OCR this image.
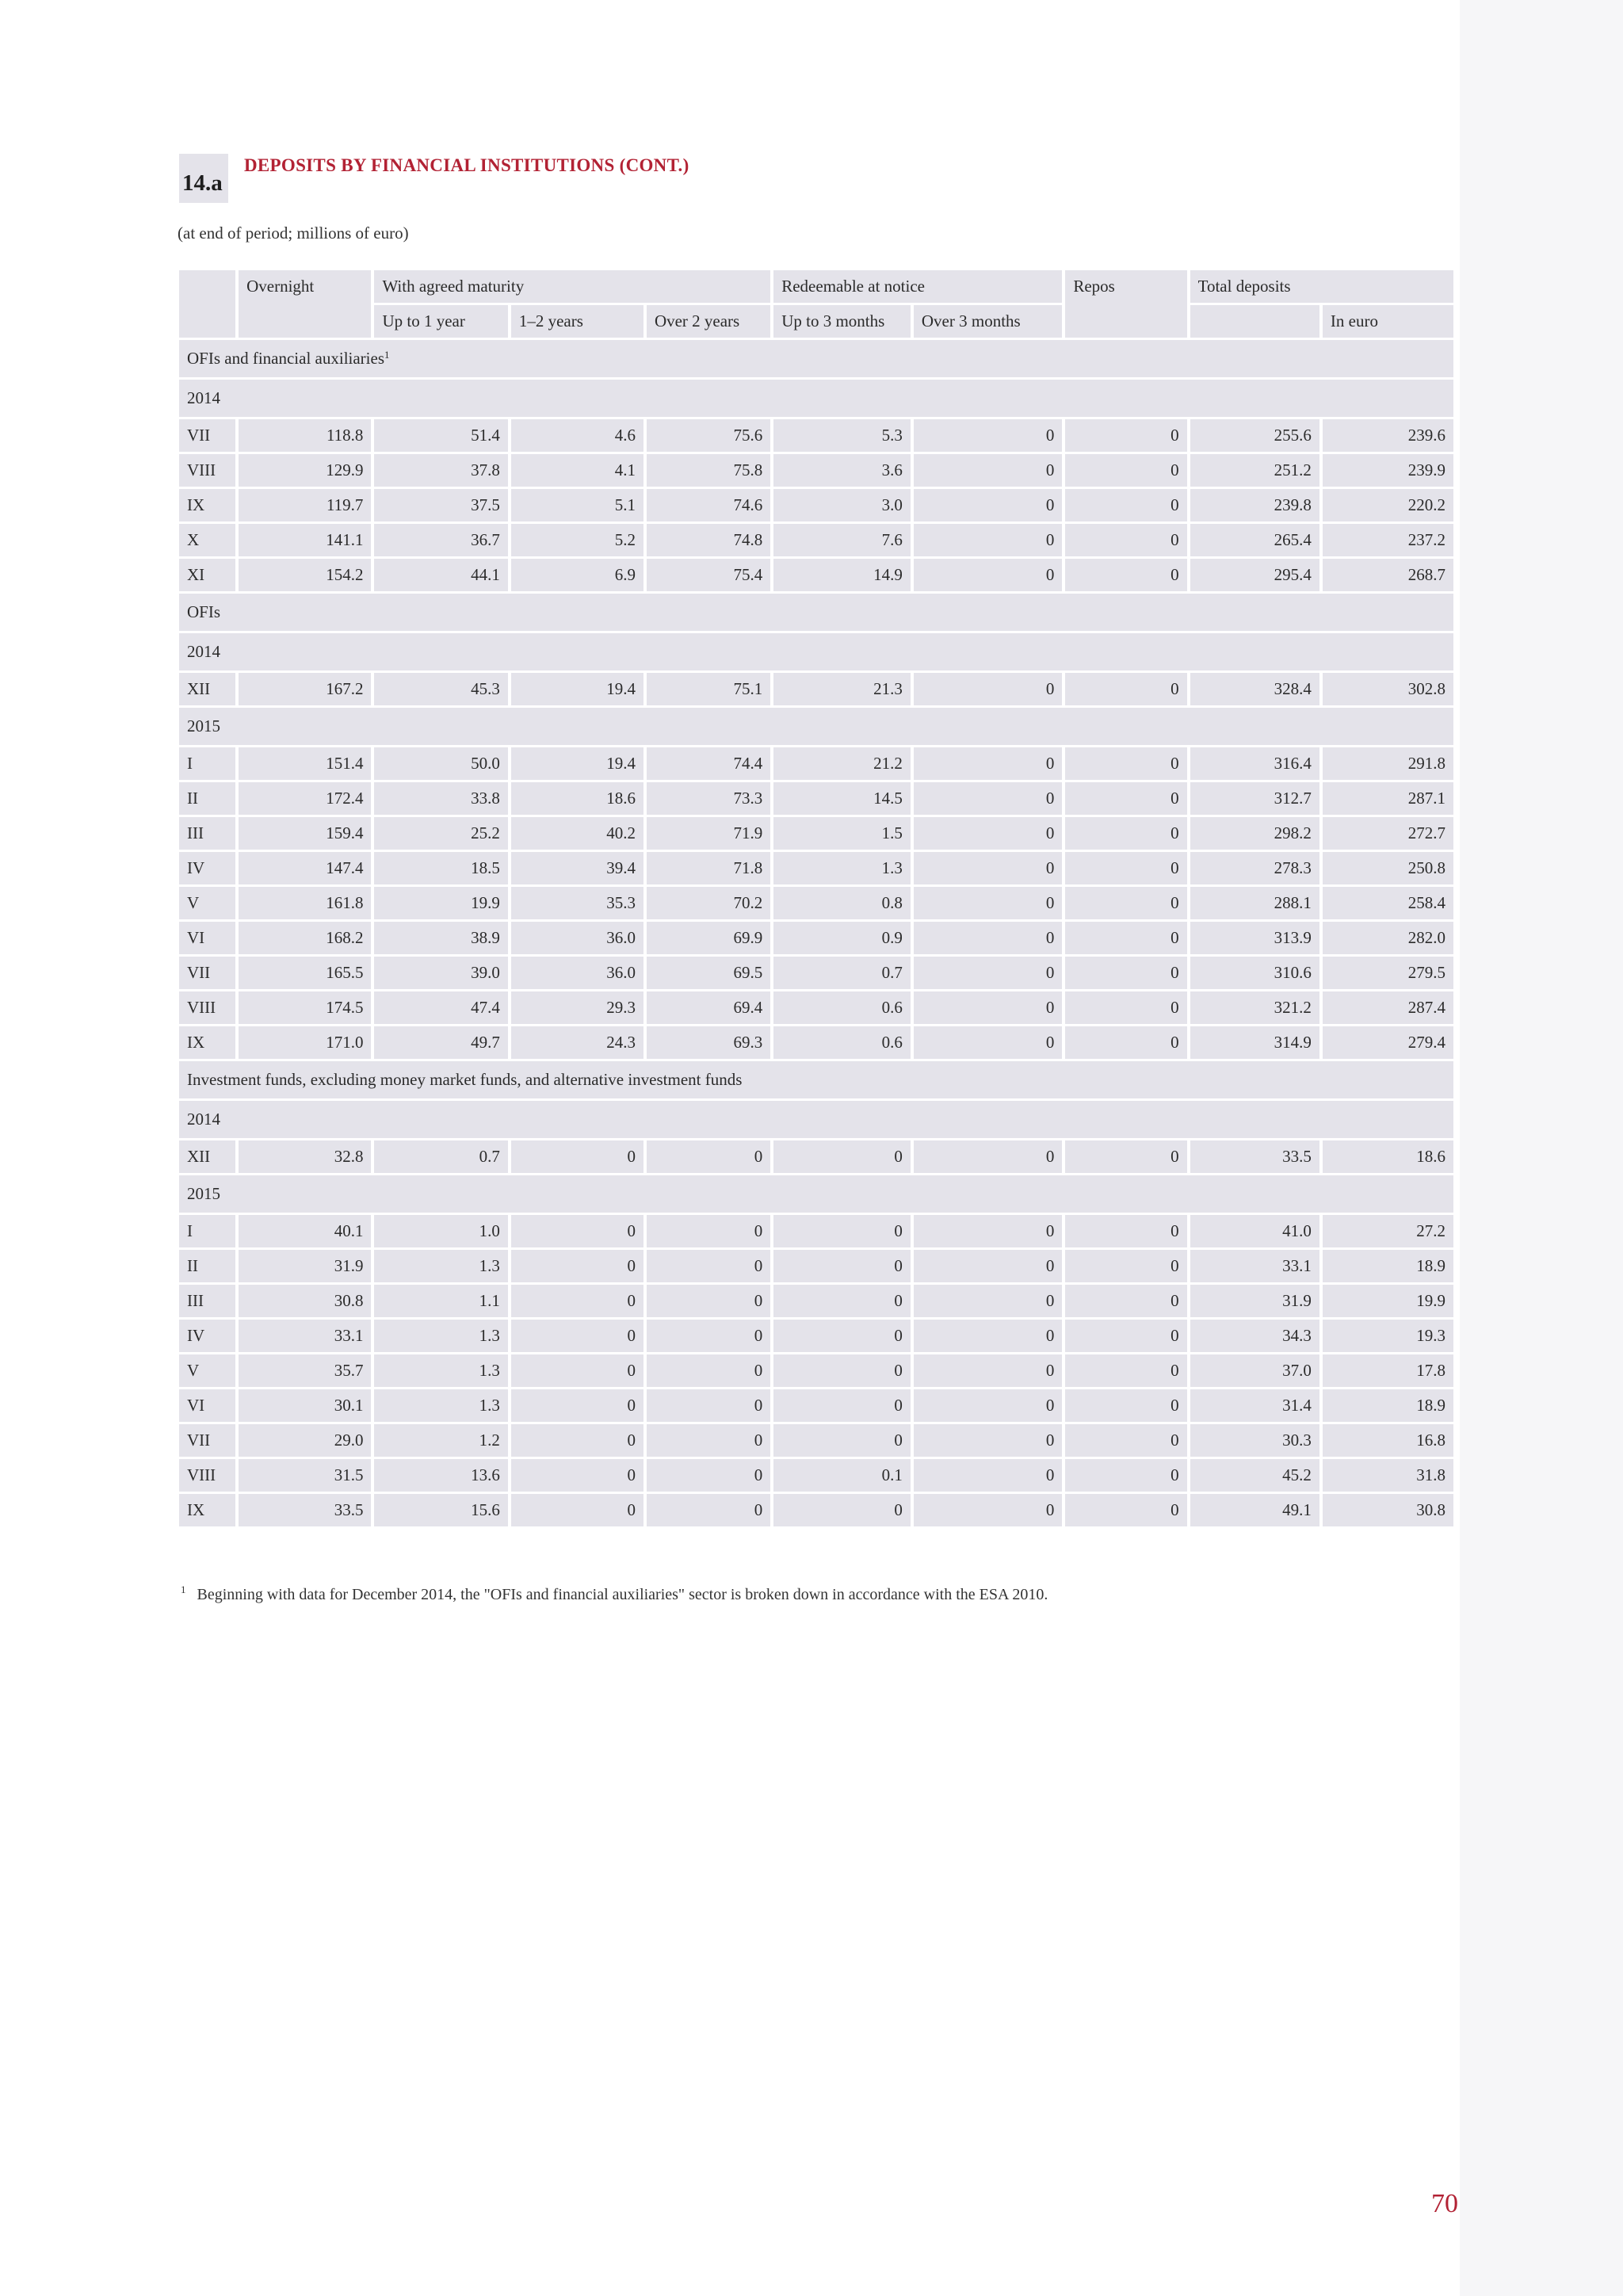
14.a
DEPOSITS BY FINANCIAL INSTITUTIONS (CONT.)
(at end of period; millions of euro)
	Overnight	With agreed maturity			Redeemable at notice		Repos	Total deposits	
		Up to 1 year	1–2 years	Over 2 years	Up to 3 months	Over 3 months			In euro
OFIs and financial auxiliaries$^1$
2014									
VII	118.8	51.4	4.6	75.6	5.3	0	0	255.6	239.6
VIII	129.9	37.8	4.1	75.8	3.6	0	0	251.2	239.9
IX	119.7	37.5	5.1	74.6	3.0	0	0	239.8	220.2
X	141.1	36.7	5.2	74.8	7.6	0	0	265.4	237.2
XI	154.2	44.1	6.9	75.4	14.9	0	0	295.4	268.7
OFIs									
2014									
XII	167.2	45.3	19.4	75.1	21.3	0	0	328.4	302.8
2015									
I	151.4	50.0	19.4	74.4	21.2	0	0	316.4	291.8
II	172.4	33.8	18.6	73.3	14.5	0	0	312.7	287.1
III	159.4	25.2	40.2	71.9	1.5	0	0	298.2	272.7
IV	147.4	18.5	39.4	71.8	1.3	0	0	278.3	250.8
V	161.8	19.9	35.3	70.2	0.8	0	0	288.1	258.4
VI	168.2	38.9	36.0	69.9	0.9	0	0	313.9	282.0
VII	165.5	39.0	36.0	69.5	0.7	0	0	310.6	279.5
VIII	174.5	47.4	29.3	69.4	0.6	0	0	321.2	287.4
IX	171.0	49.7	24.3	69.3	0.6	0	0	314.9	279.4
Investment funds, excluding money market funds, and alternative investment funds									
2014									
XII	32.8	0.7	0	0	0	0	0	33.5	18.6
2015									
I	40.1	1.0	0	0	0	0	0	41.0	27.2
II	31.9	1.3	0	0	0	0	0	33.1	18.9
III	30.8	1.1	0	0	0	0	0	31.9	19.9
IV	33.1	1.3	0	0	0	0	0	34.3	19.3
V	35.7	1.3	0	0	0	0	0	37.0	17.8
VI	30.1	1.3	0	0	0	0	0	31.4	18.9
VII	29.0	1.2	0	0	0	0	0	30.3	16.8
VIII	31.5	13.6	0	0	0.1	0	0	45.2	31.8
IX	33.5	15.6	0	0	0	0	0	49.1	30.8
$^1$ Beginning with data for December 2014, the "OFIs and financial auxiliaries" sector is broken down in accordance with the ESA 2010.
70
